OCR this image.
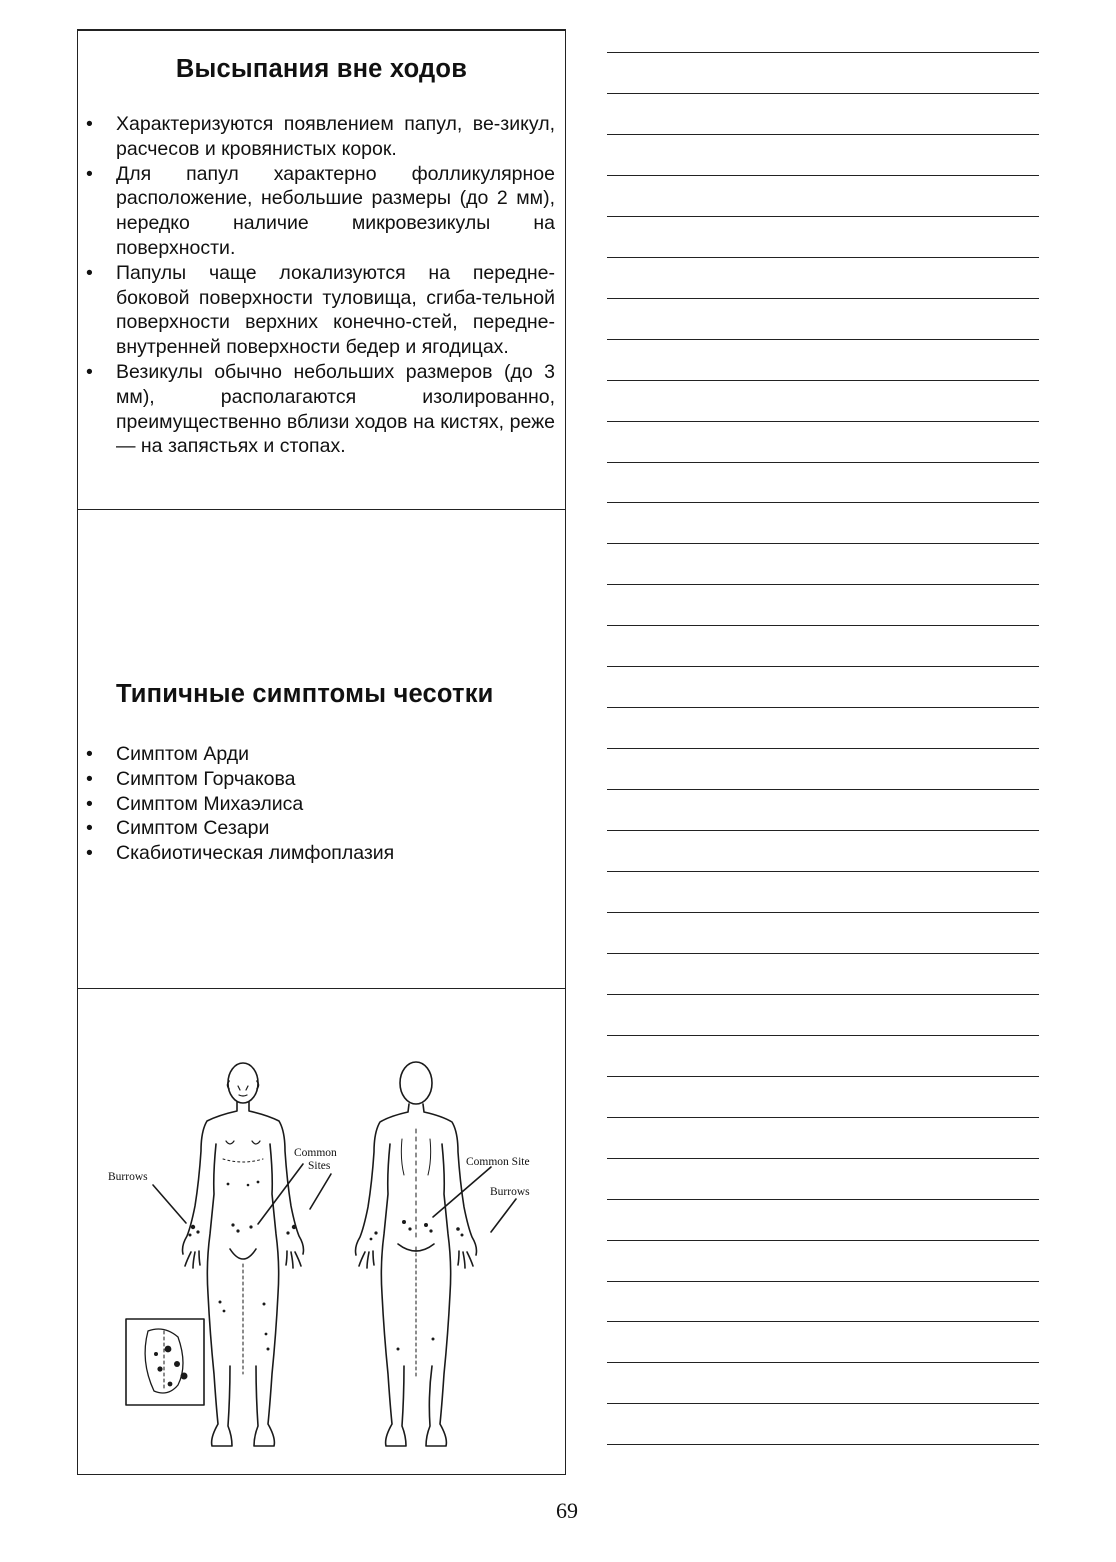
Высыпания вне ходов
• Характеризуются появлением папул, ве-зикул, расчесов и кровянистых корок.
• Для папул характерно фолликулярное расположение, небольшие размеры (до 2 мм), нередко наличие микровезикулы на поверхности.
• Папулы чаще локализуются на передне-боковой поверхности туловища, сгиба-тельной поверхности верхних конечно-стей, передне-внутренней поверхности бедер и ягодицах.
• Везикулы обычно небольших размеров (до 3 мм), располагаются изолированно, преимущественно вблизи ходов на кистях, реже — на запястьях и стопах.
Типичные симптомы чесотки
• Симптом Арди
• Симптом Горчакова
• Симптом Михаэлиса
• Симптом Сезари
• Скабиотическая лимфоплазия
Burrows
Common
Sites	Common Site
Burrows
69
